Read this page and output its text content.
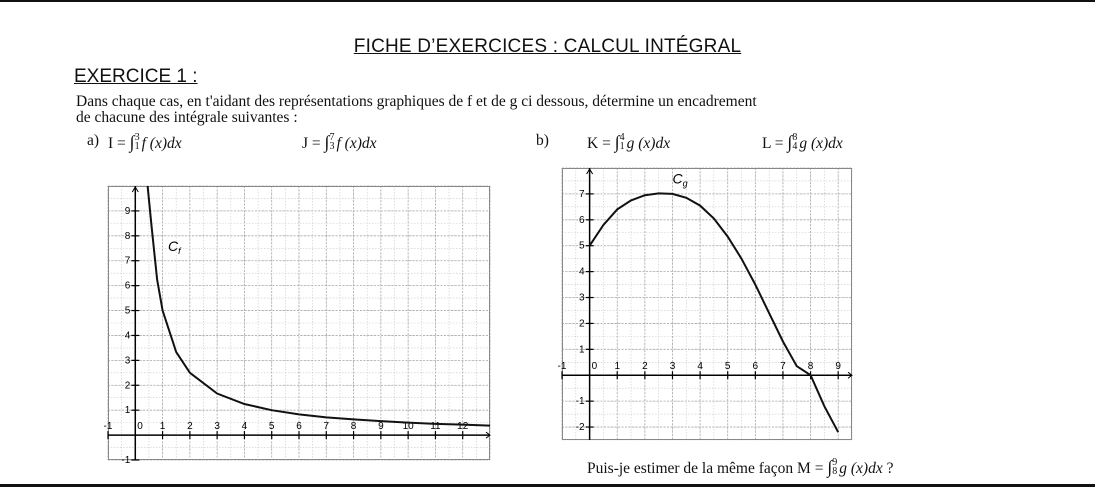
FICHE D’EXERCICES : CALCUL INTÉGRAL
EXERCICE 1 :
Dans chaque cas, en t'aidant des représentations graphiques de f et de g ci dessous, détermine un encadrement
de chacune des intégrale suivantes :
a) I = ∫ 3
1 f (x)dx	J = ∫ 7
3 f (x)dx	b) K = ∫ 4
1 g (x)dx	L = ∫ 8
4 g (x)dx
-1 0 1 2 3 4 5 6 7 8 9 10 11 12
-1
1
2
3
4
5
6
7
8
9
$C_f$
-1	0 1 2 3 4 5 6 7 8 9
-2
-1
1
2
3
4
5
6
7
$C_g$
Puis-je estimer de la même façon M = ∫ 9
8 g (x)dx ?
